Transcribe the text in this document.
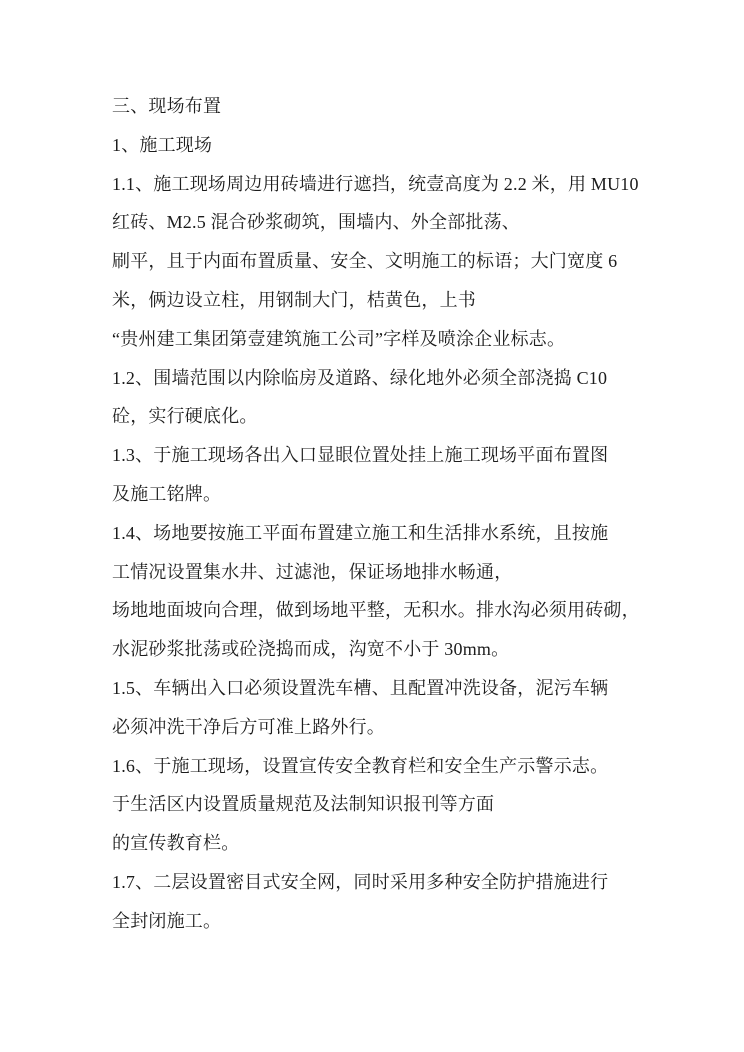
三、现场布置

1、施工现场

1.1、施工现场周边用砖墙进行遮挡，统壹高度为 2.2 米，用 MU10

红砖、M2.5 混合砂浆砌筑，围墙内、外全部批荡、

刷平，且于内面布置质量、安全、文明施工的标语；大门宽度 6

米，俩边设立柱，用钢制大门，桔黄色，上书

“贵州建工集团第壹建筑施工公司”字样及喷涂企业标志。

1.2、围墙范围以内除临房及道路、绿化地外必须全部浇捣 C10

砼，实行硬底化。

1.3、于施工现场各出入口显眼位置处挂上施工现场平面布置图

及施工铭牌。

1.4、场地要按施工平面布置建立施工和生活排水系统，且按施

工情况设置集水井、过滤池，保证场地排水畅通，

场地地面坡向合理，做到场地平整，无积水。排水沟必须用砖砌，

水泥砂浆批荡或砼浇捣而成，沟宽不小于 30mm。

1.5、车辆出入口必须设置洗车槽、且配置冲洗设备，泥污车辆

必须冲洗干净后方可准上路外行。

1.6、于施工现场，设置宣传安全教育栏和安全生产示警示志。

于生活区内设置质量规范及法制知识报刊等方面

的宣传教育栏。

1.7、二层设置密目式安全网，同时采用多种安全防护措施进行

全封闭施工。
